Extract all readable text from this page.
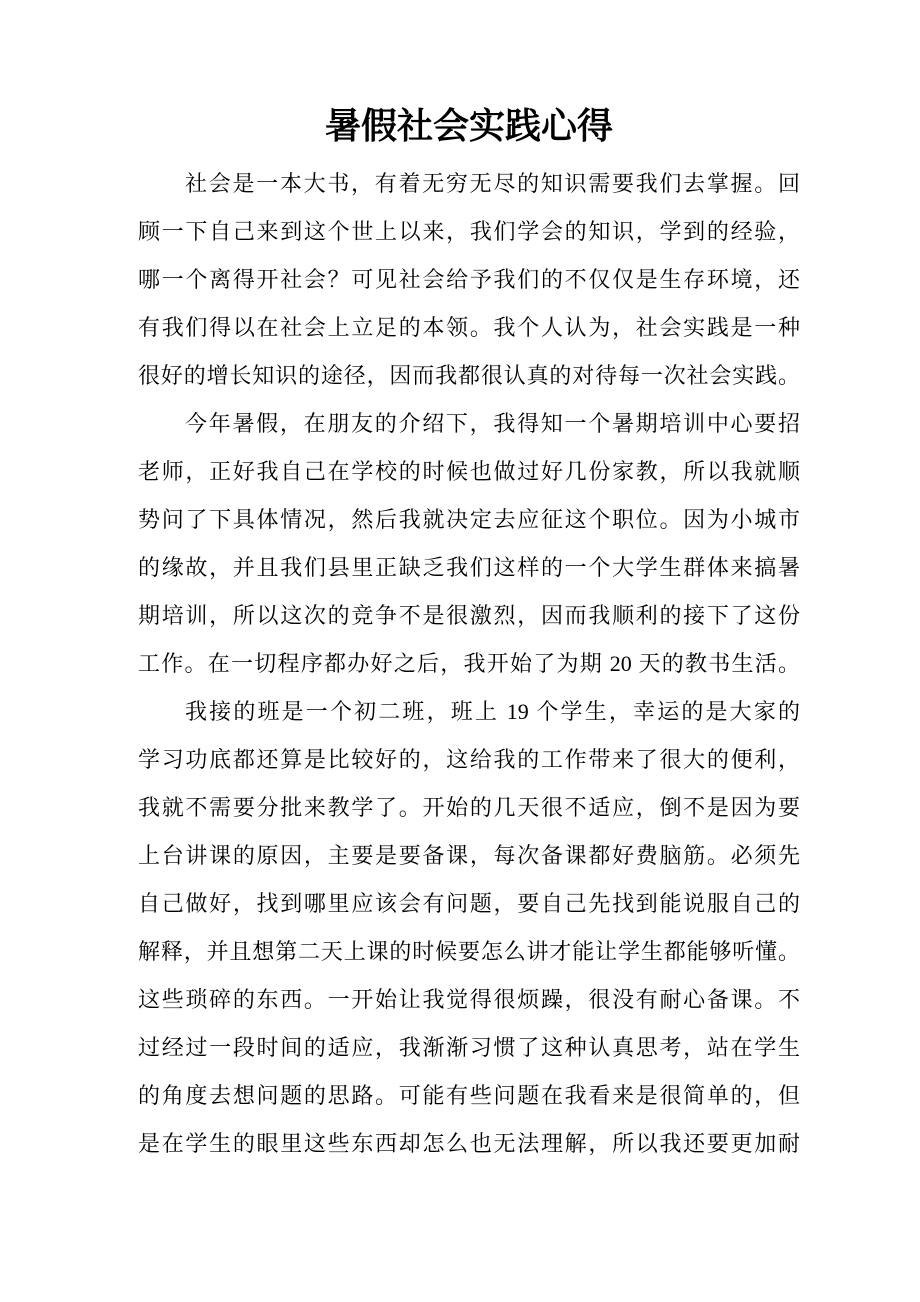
暑假社会实践心得
社会是一本大书，有着无穷无尽的知识需要我们去掌握。回
顾一下自己来到这个世上以来，我们学会的知识，学到的经验，
哪一个离得开社会？可见社会给予我们的不仅仅是生存环境，还
有我们得以在社会上立足的本领。我个人认为，社会实践是一种
很好的增长知识的途径，因而我都很认真的对待每一次社会实践。
今年暑假，在朋友的介绍下，我得知一个暑期培训中心要招
老师，正好我自己在学校的时候也做过好几份家教，所以我就顺
势问了下具体情况，然后我就决定去应征这个职位。因为小城市
的缘故，并且我们县里正缺乏我们这样的一个大学生群体来搞暑
期培训，所以这次的竞争不是很激烈，因而我顺利的接下了这份
工作。在一切程序都办好之后，我开始了为期 20 天的教书生活。
我接的班是一个初二班，班上 19 个学生，幸运的是大家的
学习功底都还算是比较好的，这给我的工作带来了很大的便利，
我就不需要分批来教学了。开始的几天很不适应，倒不是因为要
上台讲课的原因，主要是要备课，每次备课都好费脑筋。必须先
自己做好，找到哪里应该会有问题，要自己先找到能说服自己的
解释，并且想第二天上课的时候要怎么讲才能让学生都能够听懂。
这些琐碎的东西。一开始让我觉得很烦躁，很没有耐心备课。不
过经过一段时间的适应，我渐渐习惯了这种认真思考，站在学生
的角度去想问题的思路。可能有些问题在我看来是很简单的，但
是在学生的眼里这些东西却怎么也无法理解，所以我还要更加耐
